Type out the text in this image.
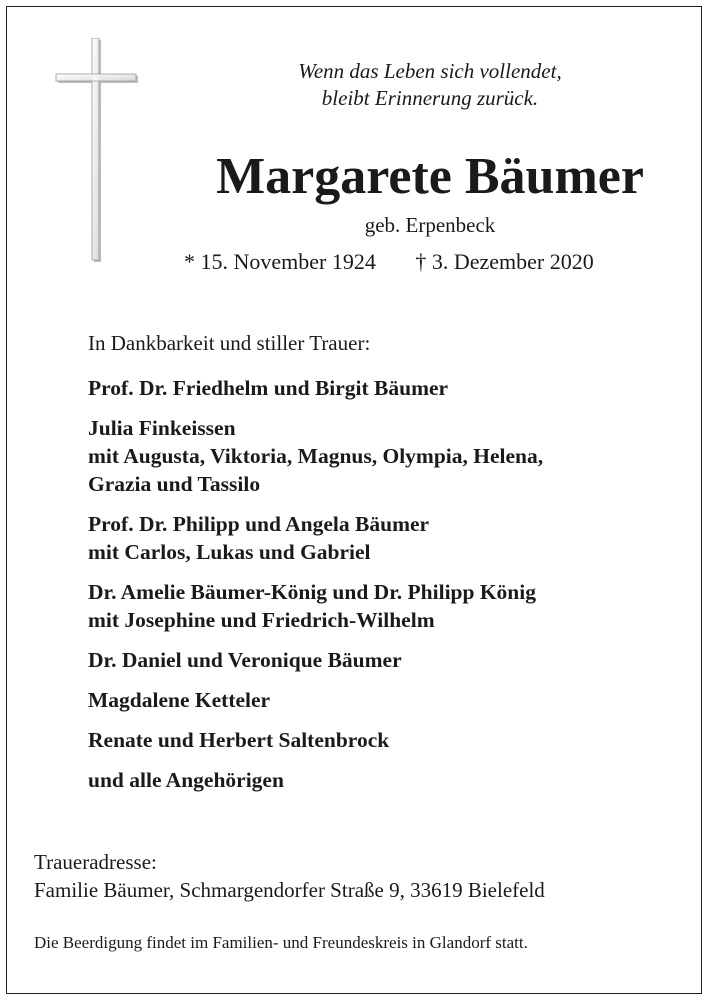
Wenn das Leben sich vollendet,
bleibt Erinnerung zurück.
Margarete Bäumer
geb. Erpenbeck
* 15. November 1924 † 3. Dezember 2020
In Dankbarkeit und stiller Trauer:
Prof. Dr. Friedhelm und Birgit Bäumer
Julia Finkeissen
mit Augusta, Viktoria, Magnus, Olympia, Helena,
Grazia und Tassilo
Prof. Dr. Philipp und Angela Bäumer
mit Carlos, Lukas und Gabriel
Dr. Amelie Bäumer-König und Dr. Philipp König
mit Josephine und Friedrich-Wilhelm
Dr. Daniel und Veronique Bäumer
Magdalene Ketteler
Renate und Herbert Saltenbrock
und alle Angehörigen
Traueradresse:
Familie Bäumer, Schmargendorfer Straße 9, 33619 Bielefeld
Die Beerdigung findet im Familien- und Freundeskreis in Glandorf statt.
